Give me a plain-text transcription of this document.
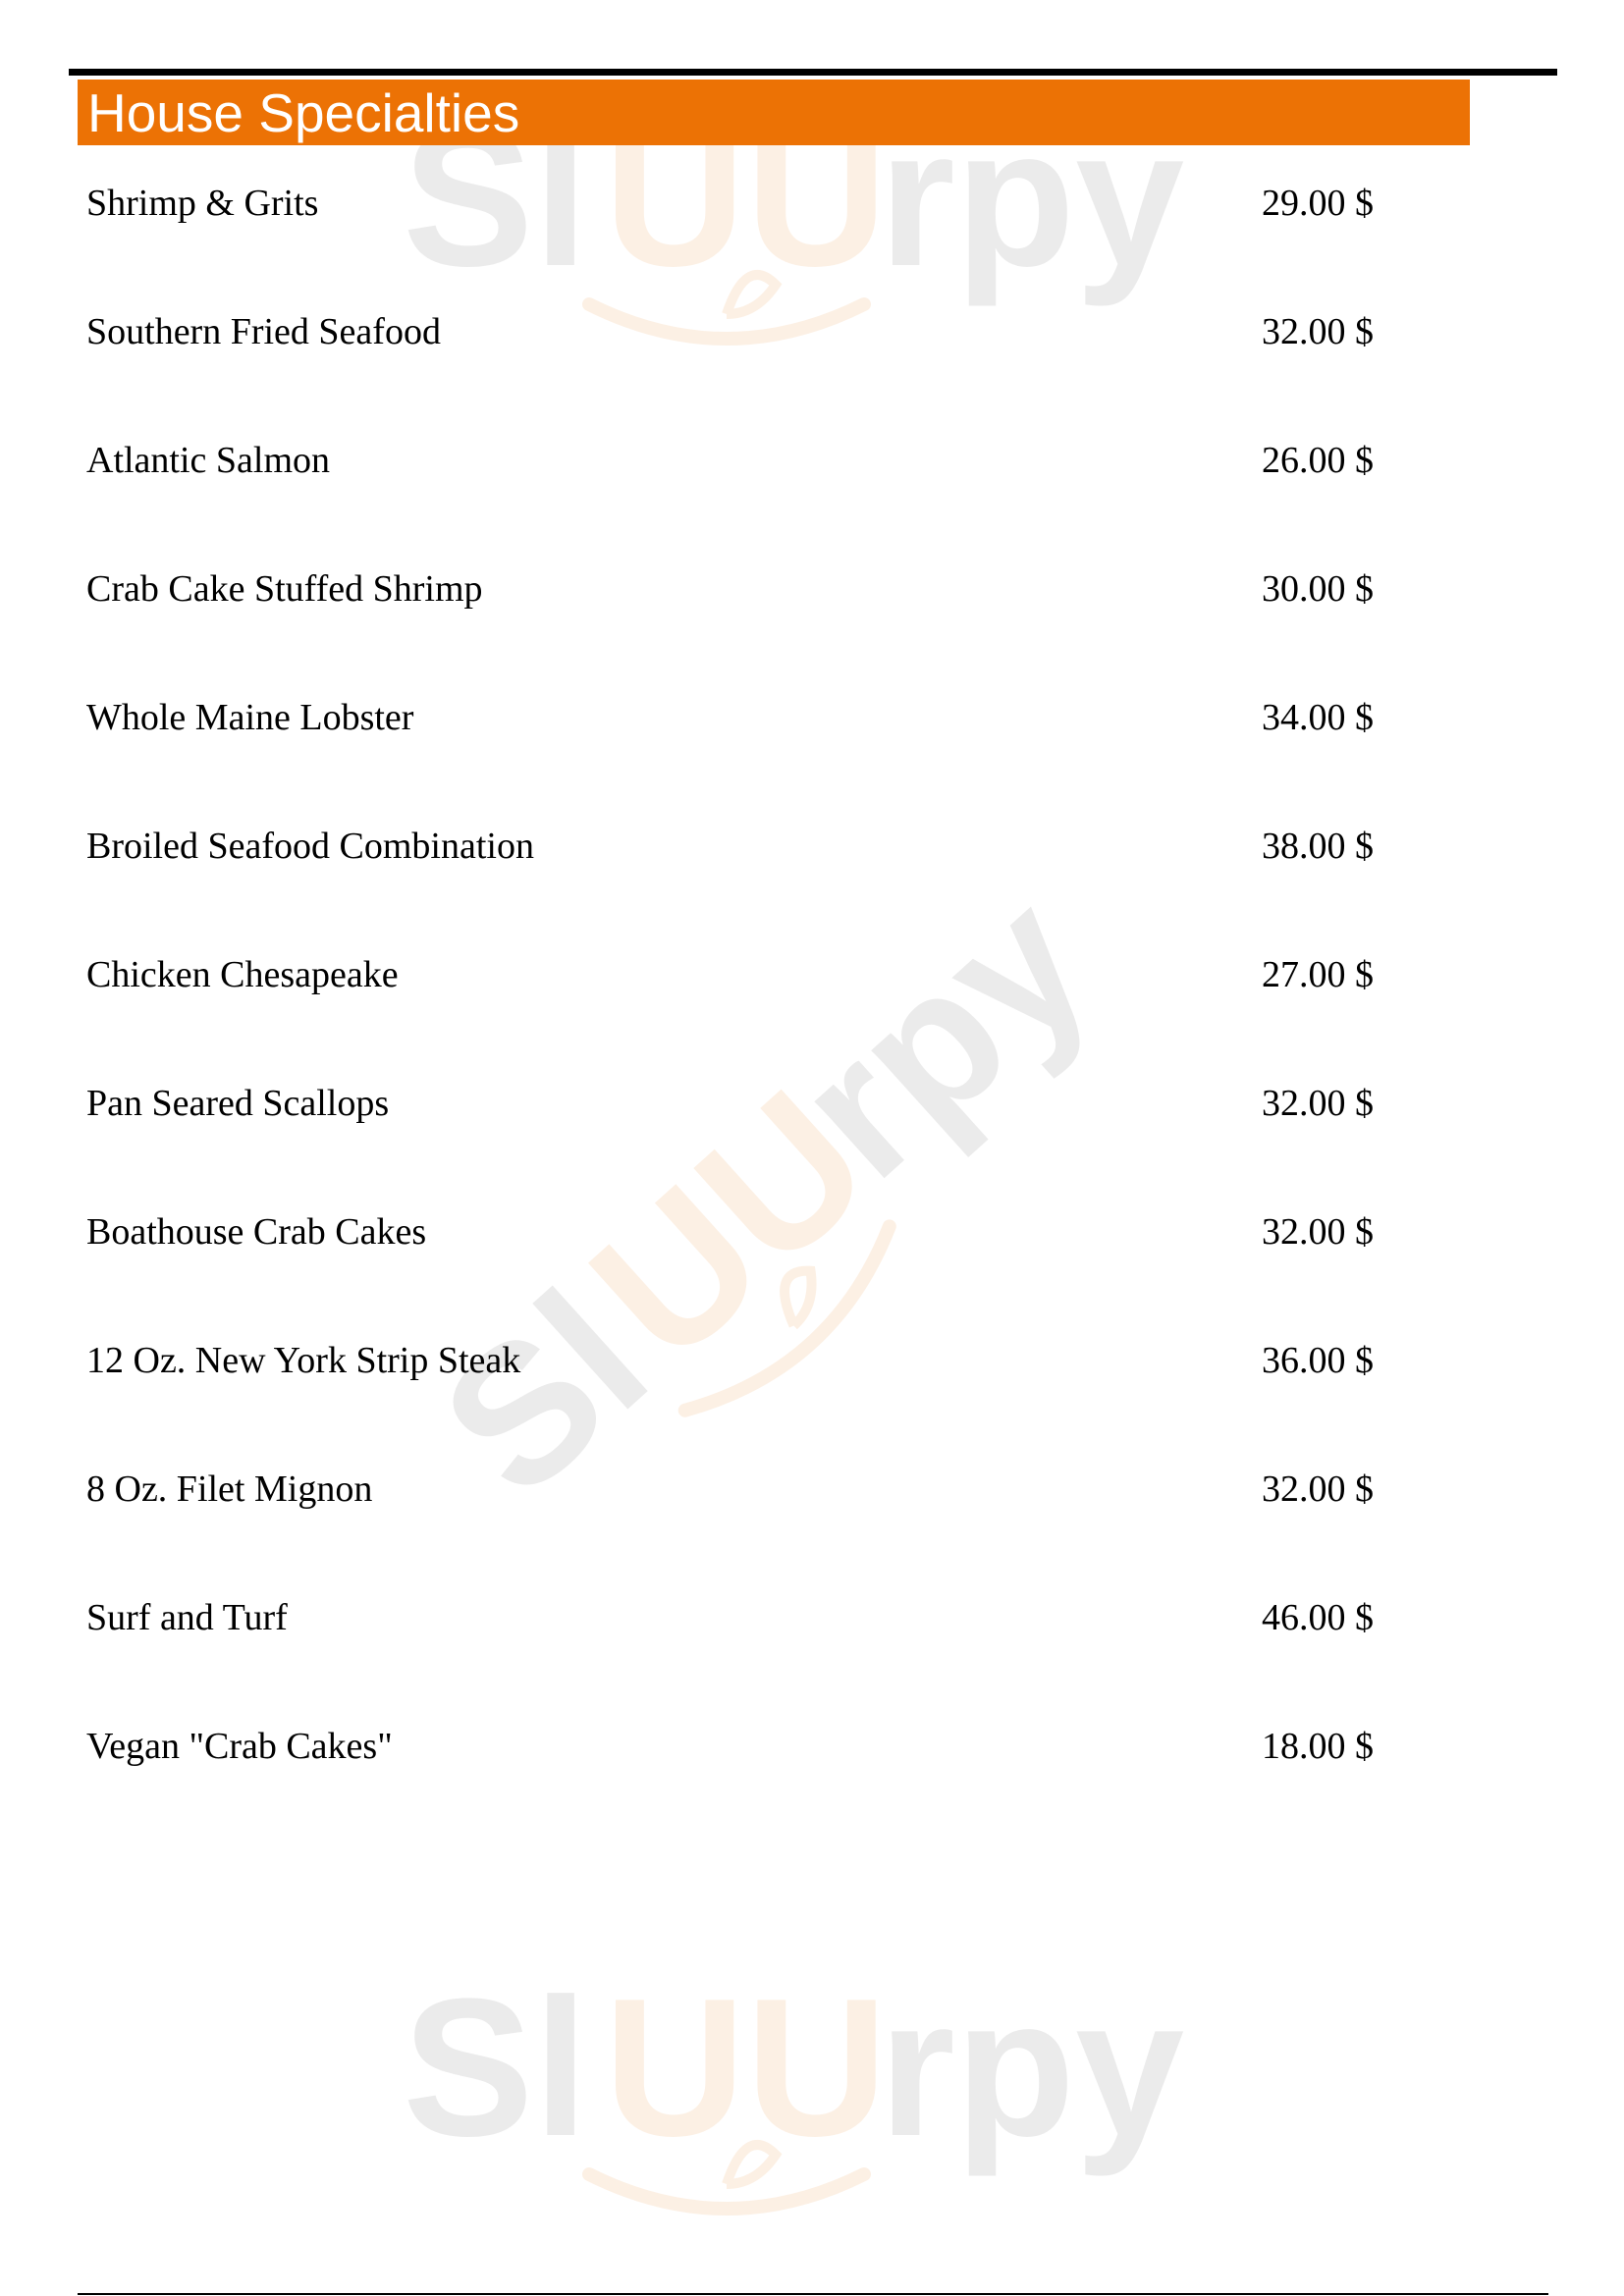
Sl UU
rpy
Sl
UU
rpy
Sl UU
rpy
House Specialties
Shrimp & Grits	29.00 $
Southern Fried Seafood	32.00 $
Atlantic Salmon	26.00 $
Crab Cake Stuffed Shrimp	30.00 $
Whole Maine Lobster	34.00 $
Broiled Seafood Combination	38.00 $
Chicken Chesapeake	27.00 $
Pan Seared Scallops	32.00 $
Boathouse Crab Cakes	32.00 $
12 Oz. New York Strip Steak	36.00 $
8 Oz. Filet Mignon	32.00 $
Surf and Turf	46.00 $
Vegan "Crab Cakes"	18.00 $
